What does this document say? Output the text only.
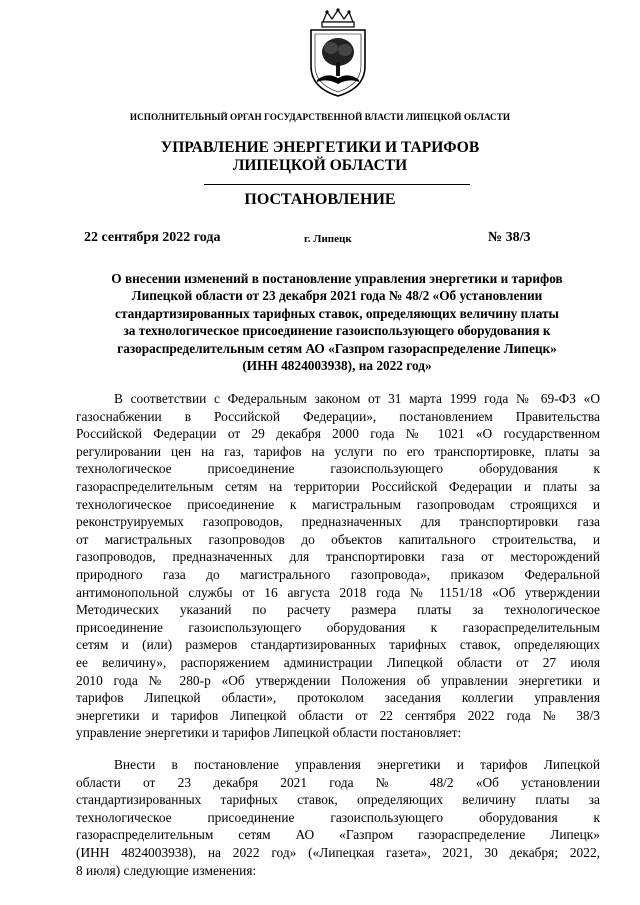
ИСПОЛНИТЕЛЬНЫЙ ОРГАН ГОСУДАРСТВЕННОЙ ВЛАСТИ ЛИПЕЦКОЙ ОБЛАСТИ
УПРАВЛЕНИЕ ЭНЕРГЕТИКИ И ТАРИФОВ
ЛИПЕЦКОЙ ОБЛАСТИ
ПОСТАНОВЛЕНИЕ
22 сентября 2022 года	г. Липецк	№ 38/3
О внесении изменений в постановление управления энергетики и тарифов
Липецкой области от 23 декабря 2021 года № 48/2 «Об установлении
стандартизированных тарифных ставок, определяющих величину платы
за технологическое присоединение газоиспользующего оборудования к
газораспределительным сетям АО «Газпром газораспределение Липецк»
(ИНН 4824003938), на 2022 год»
В соответствии с Федеральным законом от 31 марта 1999 года № 69-ФЗ «О
газоснабжении в Российской Федерации», постановлением Правительства
Российской Федерации от 29 декабря 2000 года № 1021 «О государственном
регулировании цен на газ, тарифов на услуги по его транспортировке, платы за
технологическое присоединение газоиспользующего оборудования к
газораспределительным сетям на территории Российской Федерации и платы за
технологическое присоединение к магистральным газопроводам строящихся и
реконструируемых газопроводов, предназначенных для транспортировки газа
от магистральных газопроводов до объектов капитального строительства, и
газопроводов, предназначенных для транспортировки газа от месторождений
природного газа до магистрального газопровода», приказом Федеральной
антимонопольной службы от 16 августа 2018 года № 1151/18 «Об утверждении
Методических указаний по расчету размера платы за технологическое
присоединение газоиспользующего оборудования к газораспределительным
сетям и (или) размеров стандартизированных тарифных ставок, определяющих
ее величину», распоряжением администрации Липецкой области от 27 июля
2010 года № 280-р «Об утверждении Положения об управлении энергетики и
тарифов Липецкой области», протоколом заседания коллегии управления
энергетики и тарифов Липецкой области от 22 сентября 2022 года № 38/3
управление энергетики и тарифов Липецкой области постановляет:
Внести в постановление управления энергетики и тарифов Липецкой
области от 23 декабря 2021 года № 48/2 «Об установлении
стандартизированных тарифных ставок, определяющих величину платы за
технологическое присоединение газоиспользующего оборудования к
газораспределительным сетям АО «Газпром газораспределение Липецк»
(ИНН 4824003938), на 2022 год» («Липецкая газета», 2021, 30 декабря; 2022,
8 июля) следующие изменения:
